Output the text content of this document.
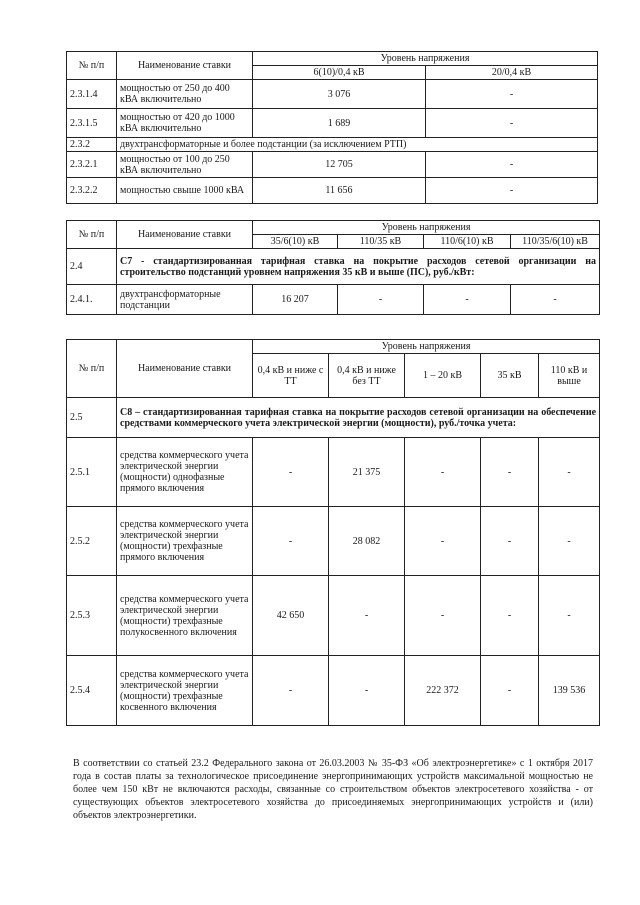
№ п/п	Наименование ставки	Уровень напряжения	
		6(10)/0,4 кВ	20/0,4 кВ
2.3.1.4	мощностью от 250 до 400 кВА включительно	3 076	-
2.3.1.5	мощностью от 420 до 1000 кВА включительно	1 689	-
2.3.2	двухтрансформаторные и более подстанции (за исключением РТП)		
2.3.2.1	мощностью от 100 до 250 кВА включительно	12 705	-
2.3.2.2	мощностью свыше 1000 кВА	11 656	-
№ п/п	Наименование ставки	Уровень напряжения			
		35/6(10) кВ	110/35 кВ	110/6(10) кВ	110/35/6(10) кВ
2.4	С7 - стандартизированная тарифная ставка на покрытие расходов сетевой организации на строительство подстанций уровнем напряжения 35 кВ и выше (ПС), руб./кВт:				
2.4.1.	двухтрансформаторные подстанции	16 207	-	-	-
№ п/п	Наименование ставки	Уровень напряжения				
		0,4 кВ и ниже с ТТ	0,4 кВ и ниже без ТТ	1 – 20 кВ	35 кВ	110 кВ и выше
2.5	С8 – стандартизированная тарифная ставка на покрытие расходов сетевой организации на обеспечение средствами коммерческого учета электрической энергии (мощности), руб./точка учета:					
2.5.1	средства коммерческого учета электрической энергии (мощности) однофазные прямого включения	-	21 375	-	-	-
2.5.2	средства коммерческого учета электрической энергии (мощности) трехфазные прямого включения	-	28 082	-	-	-
2.5.3	средства коммерческого учета электрической энергии (мощности) трехфазные полукосвенного включения	42 650	-	-	-	-
2.5.4	средства коммерческого учета электрической энергии (мощности) трехфазные косвенного включения	-	-	222 372	-	139 536

В соответствии со статьей 23.2 Федерального закона от 26.03.2003 № 35-ФЗ «Об электроэнергетике» с 1 октября 2017 года в состав платы за технологическое присоединение энергопринимающих устройств максимальной мощностью не более чем 150 кВт не включаются расходы, связанные со строительством объектов электросетевого хозяйства - от существующих объектов электросетевого хозяйства до присоединяемых энергопринимающих устройств и (или) объектов электроэнергетики.
